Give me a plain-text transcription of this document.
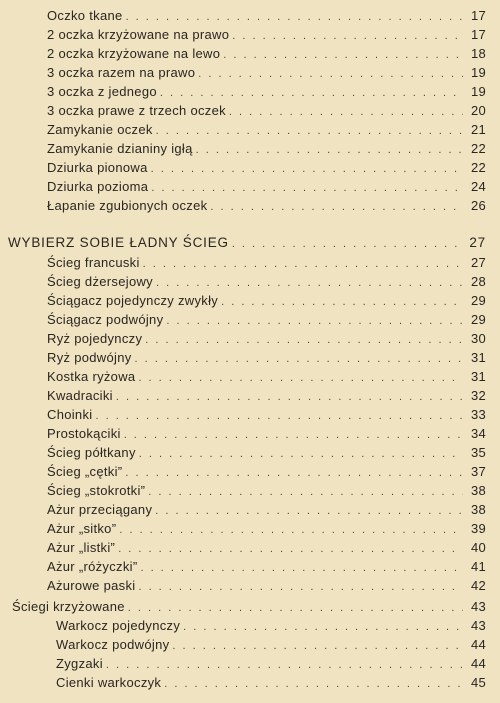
Oczko tkane . . .	17
2 oczka krzyżowane na prawo . . .	17
2 oczka krzyżowane na lewo . . .	18
3 oczka razem na prawo . . .	19
3 oczka z jednego . . .	19
3 oczka prawe z trzech oczek . . .	20
Zamykanie oczek . . .	21
Zamykanie dzianiny igłą . . .	22
Dziurka pionowa . . .	22
Dziurka pozioma . . .	24
Łapanie zgubionych oczek . . .	26
WYBIERZ SOBIE ŁADNY ŚCIEG . . .	27
Ścieg francuski . . .	27
Ścieg dżersejowy . . .	28
Ściągacz pojedynczy zwykły . . .	29
Ściągacz podwójny . . .	29
Ryż pojedynczy . . .	30
Ryż podwójny . . .	31
Kostka ryżowa . . .	31
Kwadraciki . . .	32
Choinki . . .	33
Prostokąciki . . .	34
Ścieg półtkany . . .	35
Ścieg „cętki” . . .	37
Ścieg „stokrotki” . . .	38
Ażur przeciągany . . .	38
Ażur „sitko” . . .	39
Ażur „listki” . . .	40
Ażur „różyczki” . . .	41
Ażurowe paski . . .	42
Ściegi krzyżowane . . .	43
Warkocz pojedynczy . . .	43
Warkocz podwójny . . .	44
Zygzaki . . .	44
Cienki warkoczyk . . .	45
